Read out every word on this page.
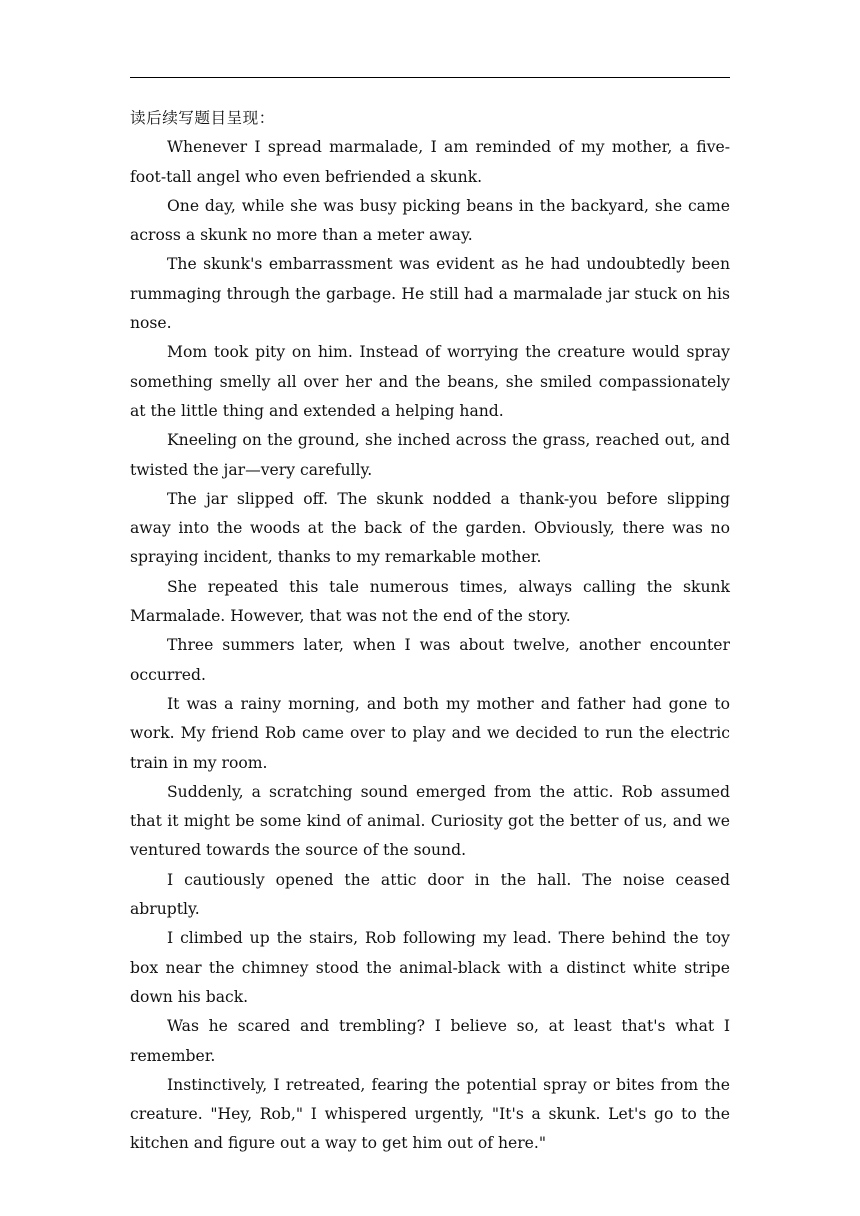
读后续写题目呈现：

Whenever I spread marmalade, I am reminded of my mother, a five-foot-tall angel who even befriended a skunk.

One day, while she was busy picking beans in the backyard, she came across a skunk no more than a meter away.

The skunk's embarrassment was evident as he had undoubtedly been rummaging through the garbage. He still had a marmalade jar stuck on his nose.

Mom took pity on him. Instead of worrying the creature would spray something smelly all over her and the beans, she smiled compassionately at the little thing and extended a helping hand.

Kneeling on the ground, she inched across the grass, reached out, and twisted the jar—very carefully.

The jar slipped off. The skunk nodded a thank-you before slipping away into the woods at the back of the garden. Obviously, there was no spraying incident, thanks to my remarkable mother.

She repeated this tale numerous times, always calling the skunk Marmalade. However, that was not the end of the story.

Three summers later, when I was about twelve, another encounter occurred.

It was a rainy morning, and both my mother and father had gone to work. My friend Rob came over to play and we decided to run the electric train in my room.

Suddenly, a scratching sound emerged from the attic. Rob assumed that it might be some kind of animal. Curiosity got the better of us, and we ventured towards the source of the sound.

I cautiously opened the attic door in the hall. The noise ceased abruptly.

I climbed up the stairs, Rob following my lead. There behind the toy box near the chimney stood the animal-black with a distinct white stripe down his back.

Was he scared and trembling? I believe so, at least that's what I remember.

Instinctively, I retreated, fearing the potential spray or bites from the creature. "Hey, Rob," I whispered urgently, "It's a skunk. Let's go to the kitchen and figure out a way to get him out of here."
